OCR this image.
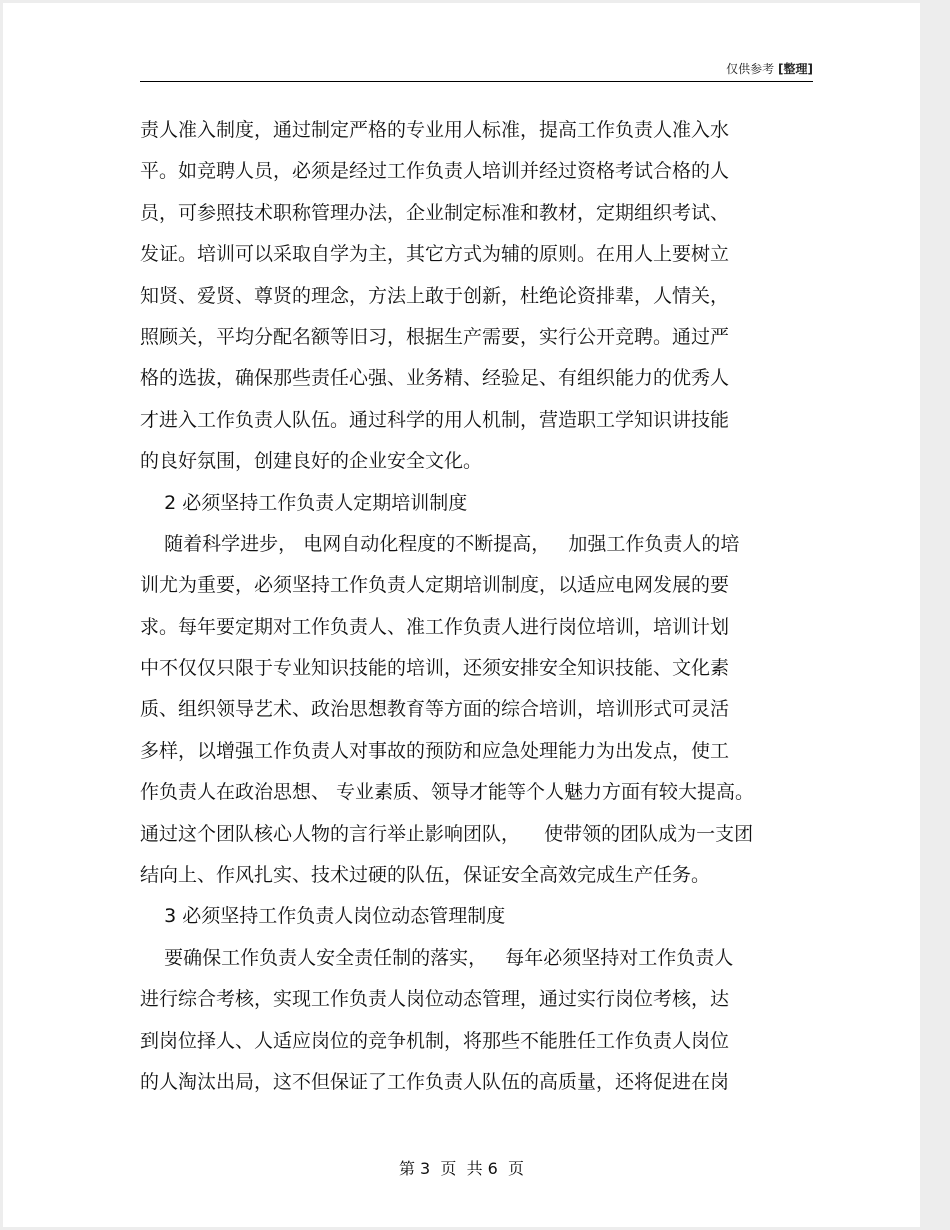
仅供参考 [整理]
责人准入制度，通过制定严格的专业用人标准，提高工作负责人准入水
平。如竞聘人员，必须是经过工作负责人培训并经过资格考试合格的人
员，可参照技术职称管理办法，企业制定标准和教材，定期组织考试、
发证。培训可以采取自学为主，其它方式为辅的原则。在用人上要树立
知贤、爱贤、尊贤的理念，方法上敢于创新，杜绝论资排辈，人情关，
照顾关，平均分配名额等旧习，根据生产需要，实行公开竞聘。通过严
格的选拔，确保那些责任心强、业务精、经验足、有组织能力的优秀人
才进入工作负责人队伍。通过科学的用人机制，营造职工学知识讲技能
的良好氛围，创建良好的企业安全文化。
2 必须坚持工作负责人定期培训制度
随着科学进步， 电网自动化程度的不断提高，   加强工作负责人的培
训尤为重要，必须坚持工作负责人定期培训制度，以适应电网发展的要
求。每年要定期对工作负责人、准工作负责人进行岗位培训，培训计划
中不仅仅只限于专业知识技能的培训，还须安排安全知识技能、文化素
质、组织领导艺术、政治思想教育等方面的综合培训，培训形式可灵活
多样，以增强工作负责人对事故的预防和应急处理能力为出发点，使工
作负责人在政治思想、 专业素质、领导才能等个人魅力方面有较大提高。
通过这个团队核心人物的言行举止影响团队，    使带领的团队成为一支团
结向上、作风扎实、技术过硬的队伍，保证安全高效完成生产任务。
3 必须坚持工作负责人岗位动态管理制度
要确保工作负责人安全责任制的落实，   每年必须坚持对工作负责人
进行综合考核，实现工作负责人岗位动态管理，通过实行岗位考核，达
到岗位择人、人适应岗位的竞争机制，将那些不能胜任工作负责人岗位
的人淘汰出局，这不但保证了工作负责人队伍的高质量，还将促进在岗
第 3  页  共 6  页
